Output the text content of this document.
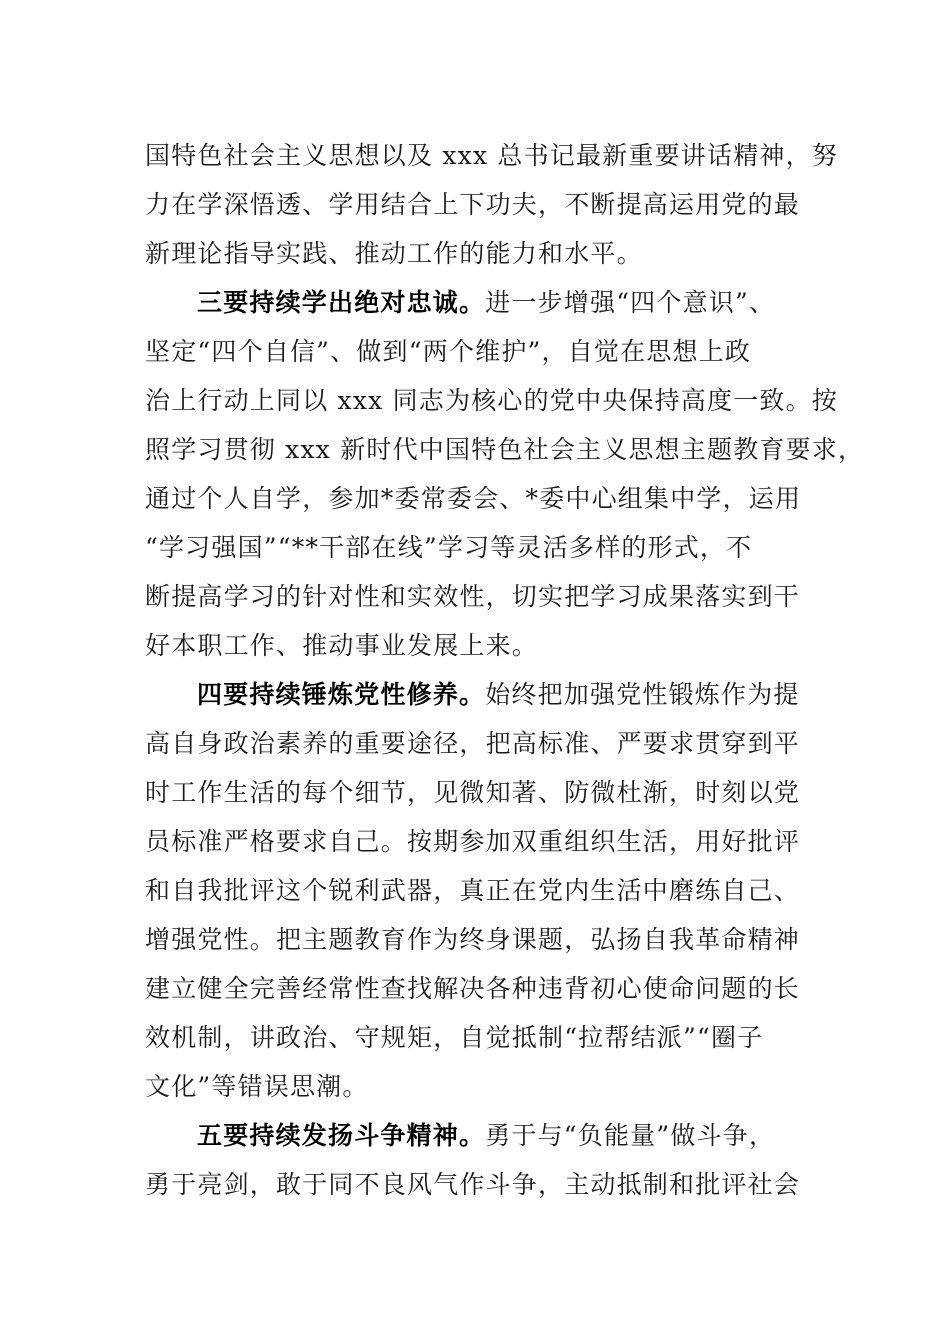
国特色社会主义思想以及 xxx 总书记最新重要讲话精神，努
力在学深悟透、学用结合上下功夫，不断提高运用党的最
新理论指导实践、推动工作的能力和水平。
三要持续学出绝对忠诚。进一步增强“四个意识”、
坚定“四个自信”、做到“两个维护”，自觉在思想上政
治上行动上同以 xxx 同志为核心的党中央保持高度一致。按
照学习贯彻 xxx 新时代中国特色社会主义思想主题教育要求，
通过个人自学，参加*委常委会、*委中心组集中学，运用
“学习强国”“**干部在线”学习等灵活多样的形式，不
断提高学习的针对性和实效性，切实把学习成果落实到干
好本职工作、推动事业发展上来。
四要持续锤炼党性修养。始终把加强党性锻炼作为提
高自身政治素养的重要途径，把高标准、严要求贯穿到平
时工作生活的每个细节，见微知著、防微杜渐，时刻以党
员标准严格要求自己。按期参加双重组织生活，用好批评
和自我批评这个锐利武器，真正在党内生活中磨练自己、
增强党性。把主题教育作为终身课题，弘扬自我革命精神
建立健全完善经常性查找解决各种违背初心使命问题的长
效机制，讲政治、守规矩，自觉抵制“拉帮结派”“圈子
文化”等错误思潮。
五要持续发扬斗争精神。勇于与“负能量”做斗争，
勇于亮剑，敢于同不良风气作斗争，主动抵制和批评社会
